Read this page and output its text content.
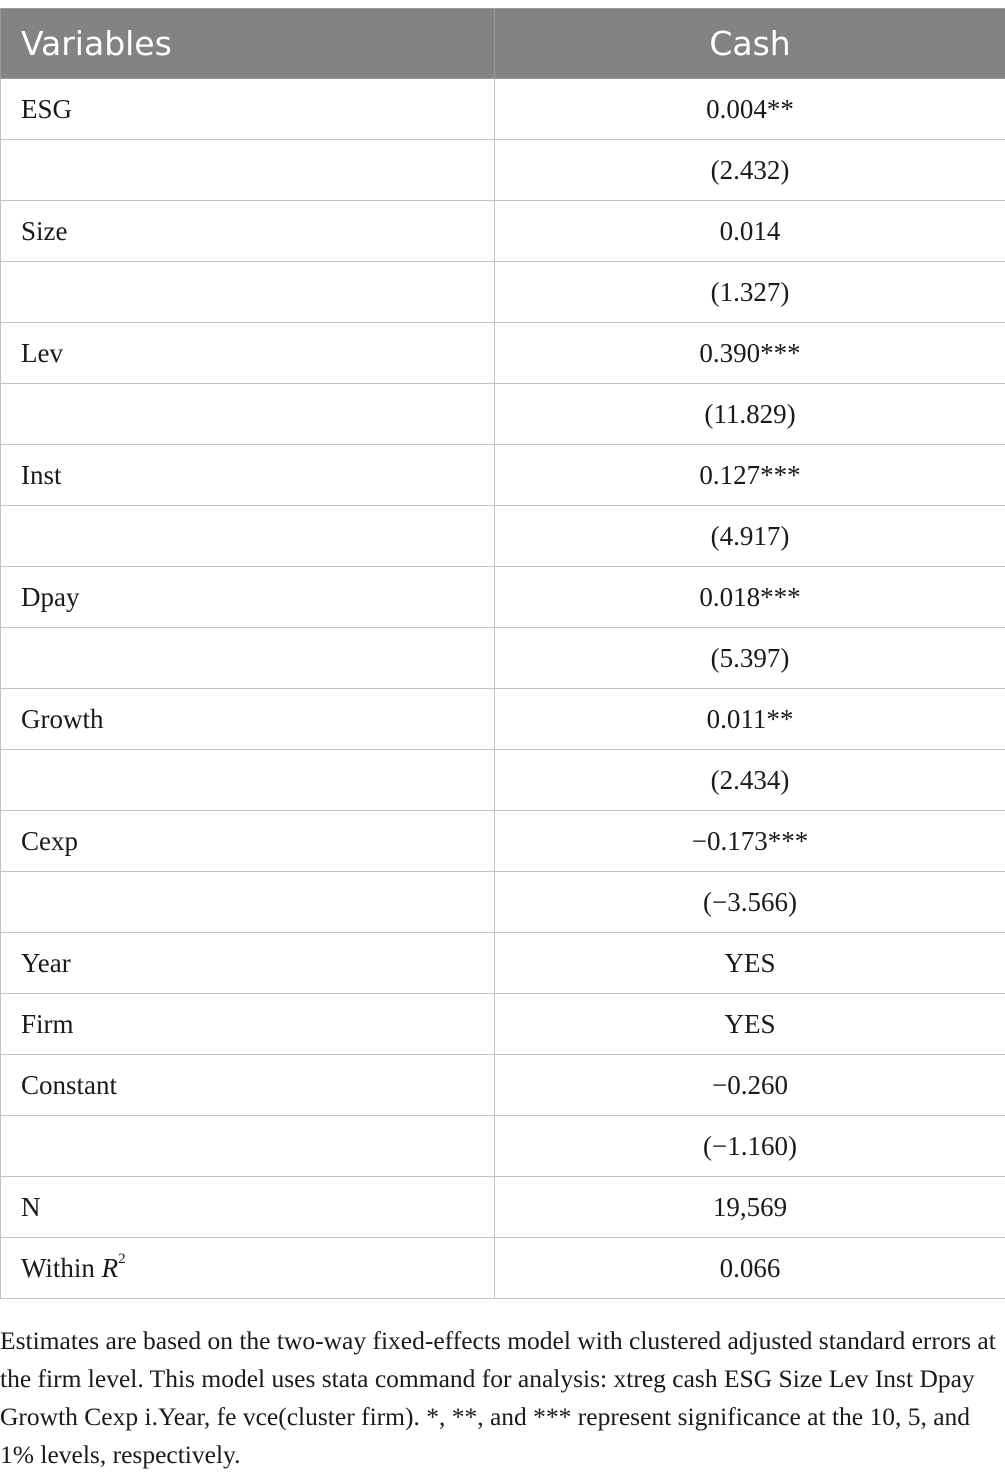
Variables	Cash
ESG	0.004**
	(2.432)
Size	0.014
	(1.327)
Lev	0.390***
	(11.829)
Inst	0.127***
	(4.917)
Dpay	0.018***
	(5.397)
Growth	0.011**
	(2.434)
Cexp	−0.173***
	(−3.566)
Year	YES
Firm	YES
Constant	−0.260
	(−1.160)
N	19,569
Within $R^2$	0.066
Estimates are based on the two-way fixed-effects model with clustered adjusted standard errors at the firm level. This model uses stata command for analysis: xtreg cash ESG Size Lev Inst Dpay Growth Cexp i.Year, fe vce(cluster firm). *, **, and *** represent significance at the 10, 5, and 1% levels, respectively.
